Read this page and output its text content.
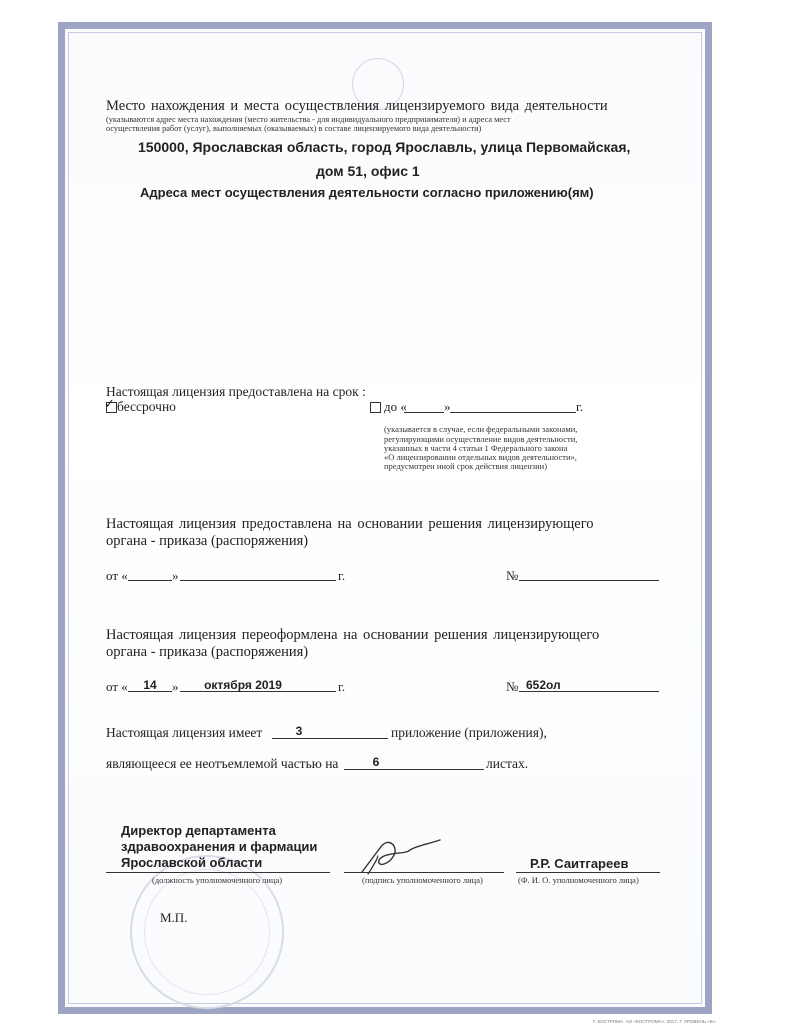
Место нахождения и места осуществления лицензируемого вида деятельности
(указываются адрес места нахождения (место жительства - для индивидуального предпринимателя) и адреса мест
осуществления работ (услуг), выполняемых (оказываемых) в составе лицензируемого вида деятельности)
150000, Ярославская область, город Ярославль, улица Первомайская,
дом 51, офис 1
Адреса мест осуществления деятельности согласно приложению(ям)
Настоящая лицензия предоставлена на срок :
✓ бессрочно	до «	»	г.
(указывается в случае, если федеральными законами,
регулирующими осуществление видов деятельности,
указанных в части 4 статьи 1 Федерального закона
«О лицензировании отдельных видов деятельности»,
предусмотрен иной срок действия лицензии)
Настоящая лицензия предоставлена на основании решения лицензирующего
органа - приказа (распоряжения)
от «	»	г.	№
Настоящая лицензия переоформлена на основании решения лицензирующего
органа - приказа (распоряжения)
от «	14	»	октября 2019	г.	№ 652ол
Настоящая лицензия имеет	3	приложение (приложения),
являющееся ее неотъемлемой частью на	6	листах.
Директор департамента
здравоохранения и фармации
Ярославской области
(должность уполномоченного лица)	(подпись уполномоченного лица)
Р.Р. Саитгареев
(Ф. И. О. уполномоченного лица)
М.П.
Г. КОСТРОМА. АО «КОСТРОМА». 2017. Г. УРОВЕНЬ «Б».
